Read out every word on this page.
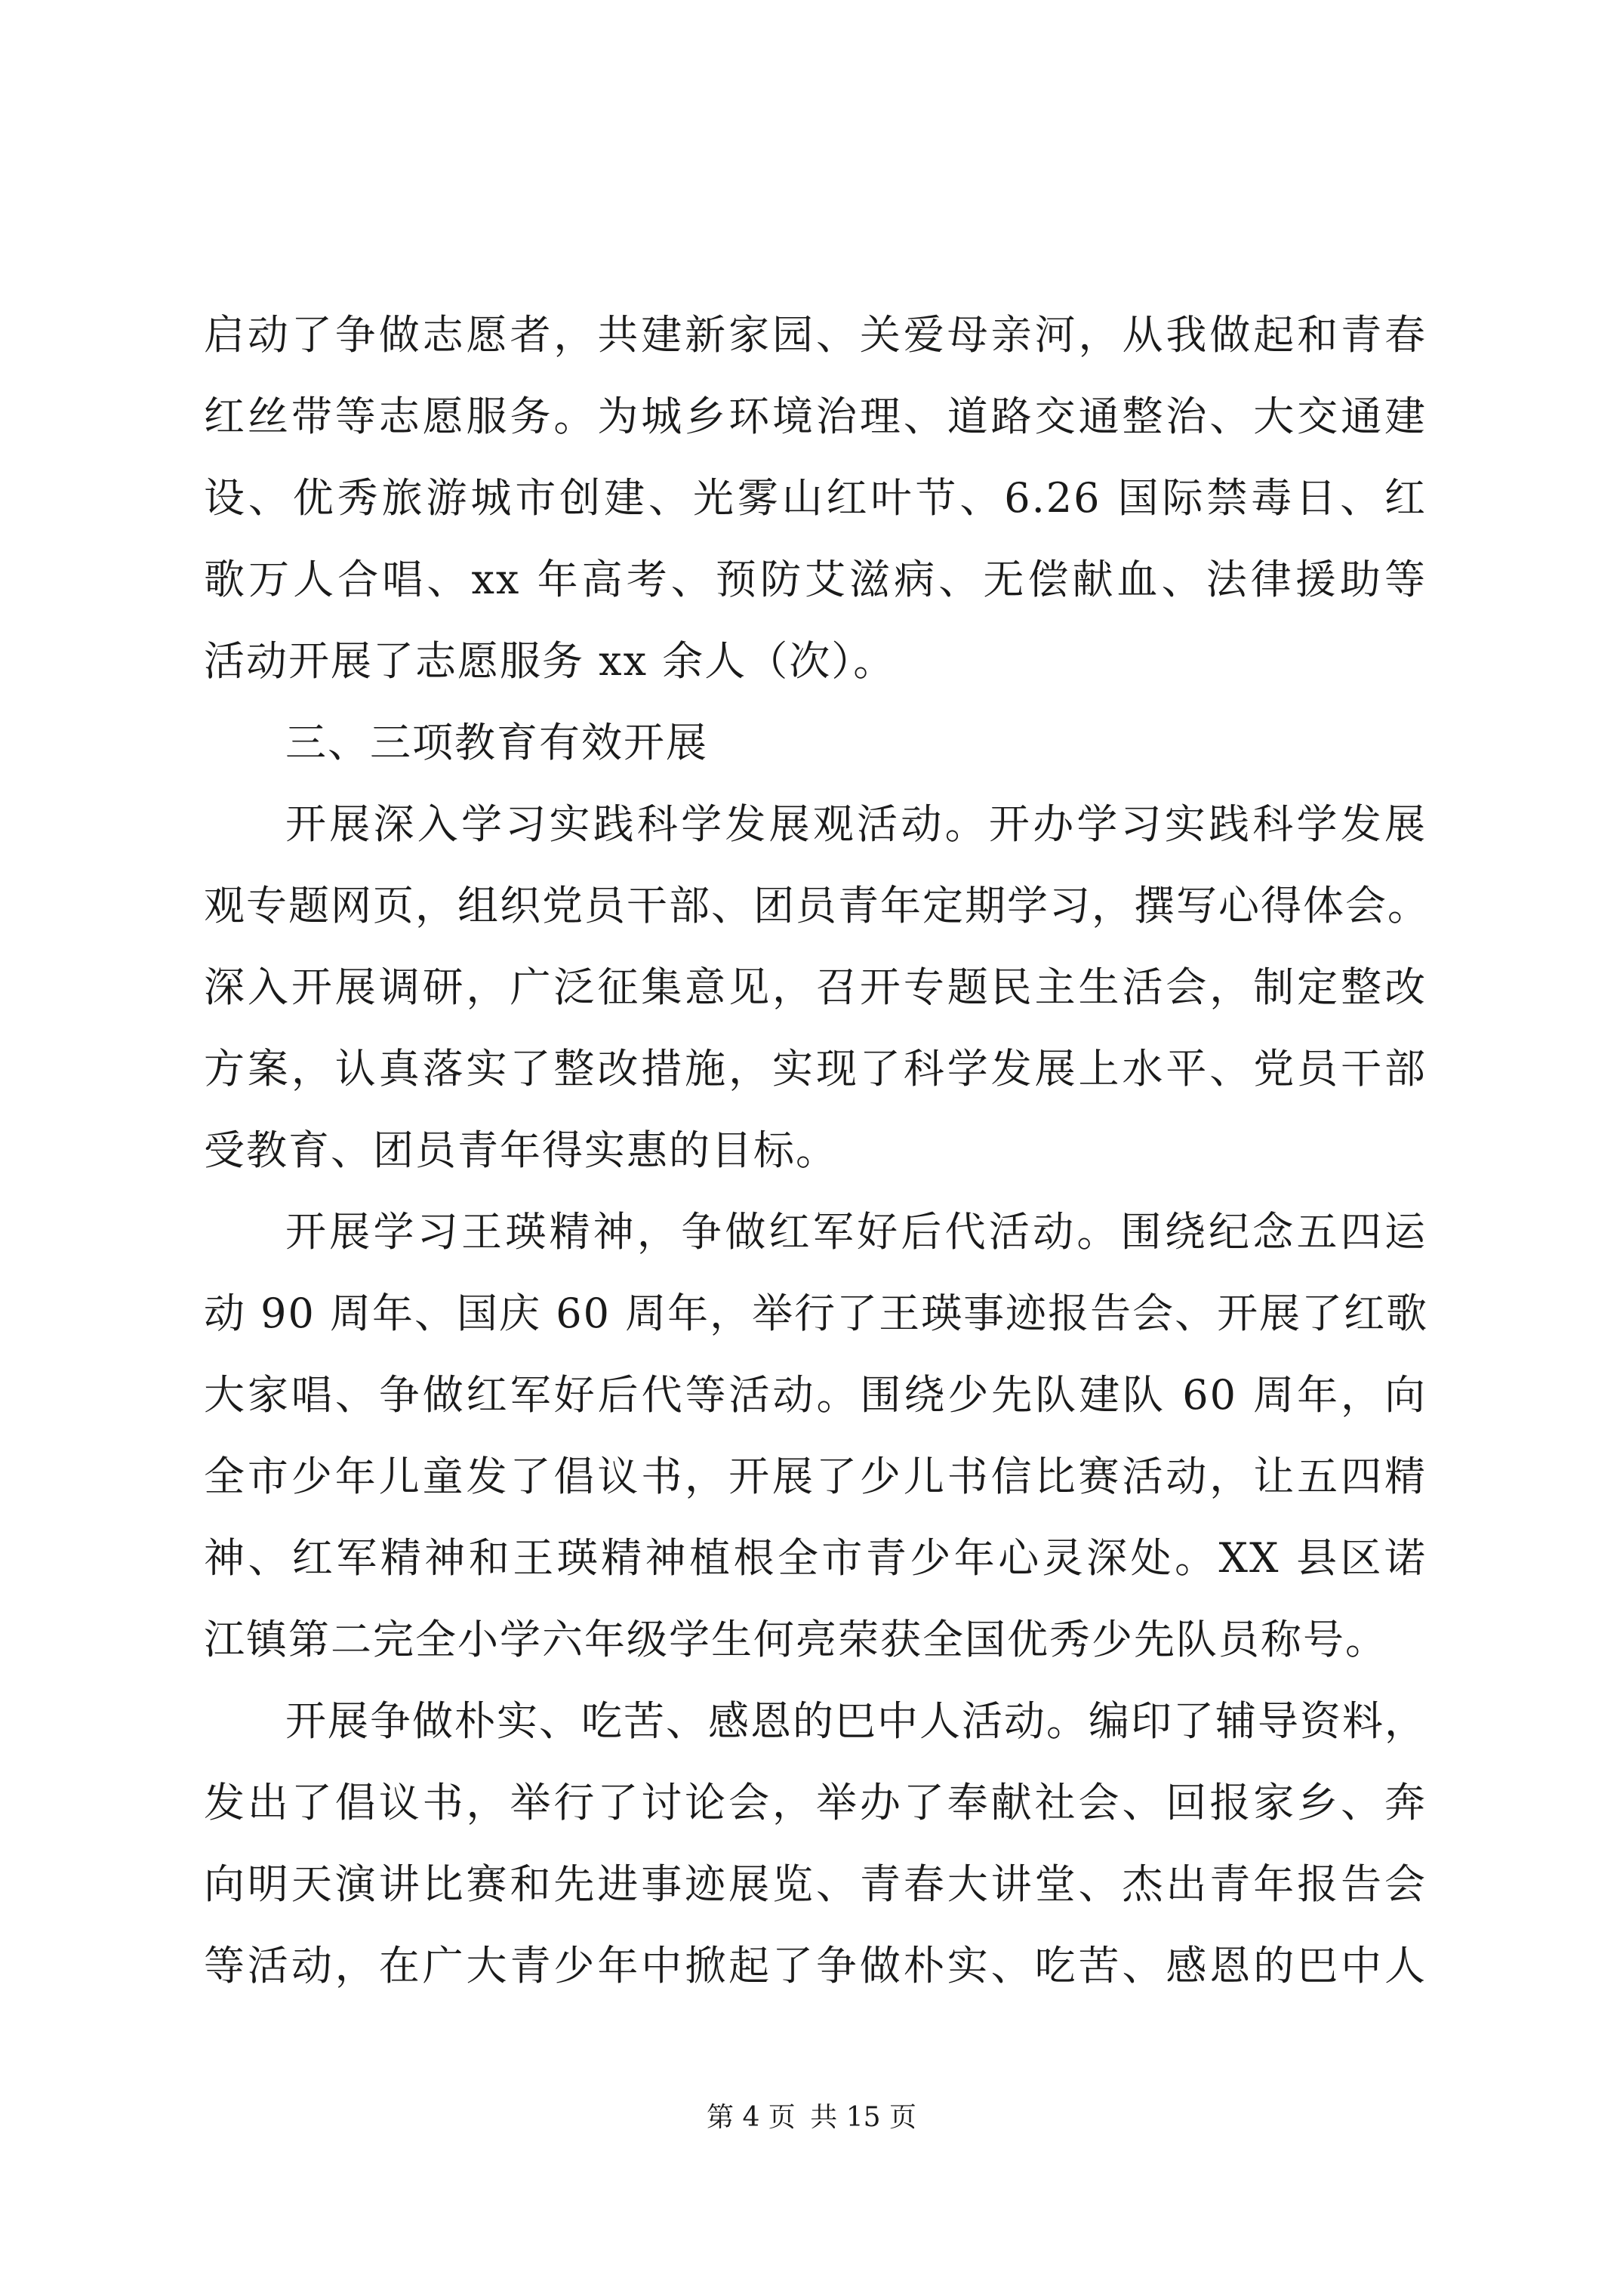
启动了争做志愿者，共建新家园、关爱母亲河，从我做起和青春
红丝带等志愿服务。为城乡环境治理、道路交通整治、大交通建
设、优秀旅游城市创建、光雾山红叶节、6.26 国际禁毒日、红
歌万人合唱、xx 年高考、预防艾滋病、无偿献血、法律援助等
活动开展了志愿服务 xx 余人（次）。
三、三项教育有效开展
开展深入学习实践科学发展观活动。开办学习实践科学发展
观专题网页，组织党员干部、团员青年定期学习，撰写心得体会。
深入开展调研，广泛征集意见，召开专题民主生活会，制定整改
方案，认真落实了整改措施，实现了科学发展上水平、党员干部
受教育、团员青年得实惠的目标。
开展学习王瑛精神，争做红军好后代活动。围绕纪念五四运
动 90 周年、国庆 60 周年，举行了王瑛事迹报告会、开展了红歌
大家唱、争做红军好后代等活动。围绕少先队建队 60 周年，向
全市少年儿童发了倡议书，开展了少儿书信比赛活动，让五四精
神、红军精神和王瑛精神植根全市青少年心灵深处。XX 县区诺
江镇第二完全小学六年级学生何亮荣获全国优秀少先队员称号。
开展争做朴实、吃苦、感恩的巴中人活动。编印了辅导资料，
发出了倡议书，举行了讨论会，举办了奉献社会、回报家乡、奔
向明天演讲比赛和先进事迹展览、青春大讲堂、杰出青年报告会
等活动，在广大青少年中掀起了争做朴实、吃苦、感恩的巴中人
第 4 页 共 15 页
